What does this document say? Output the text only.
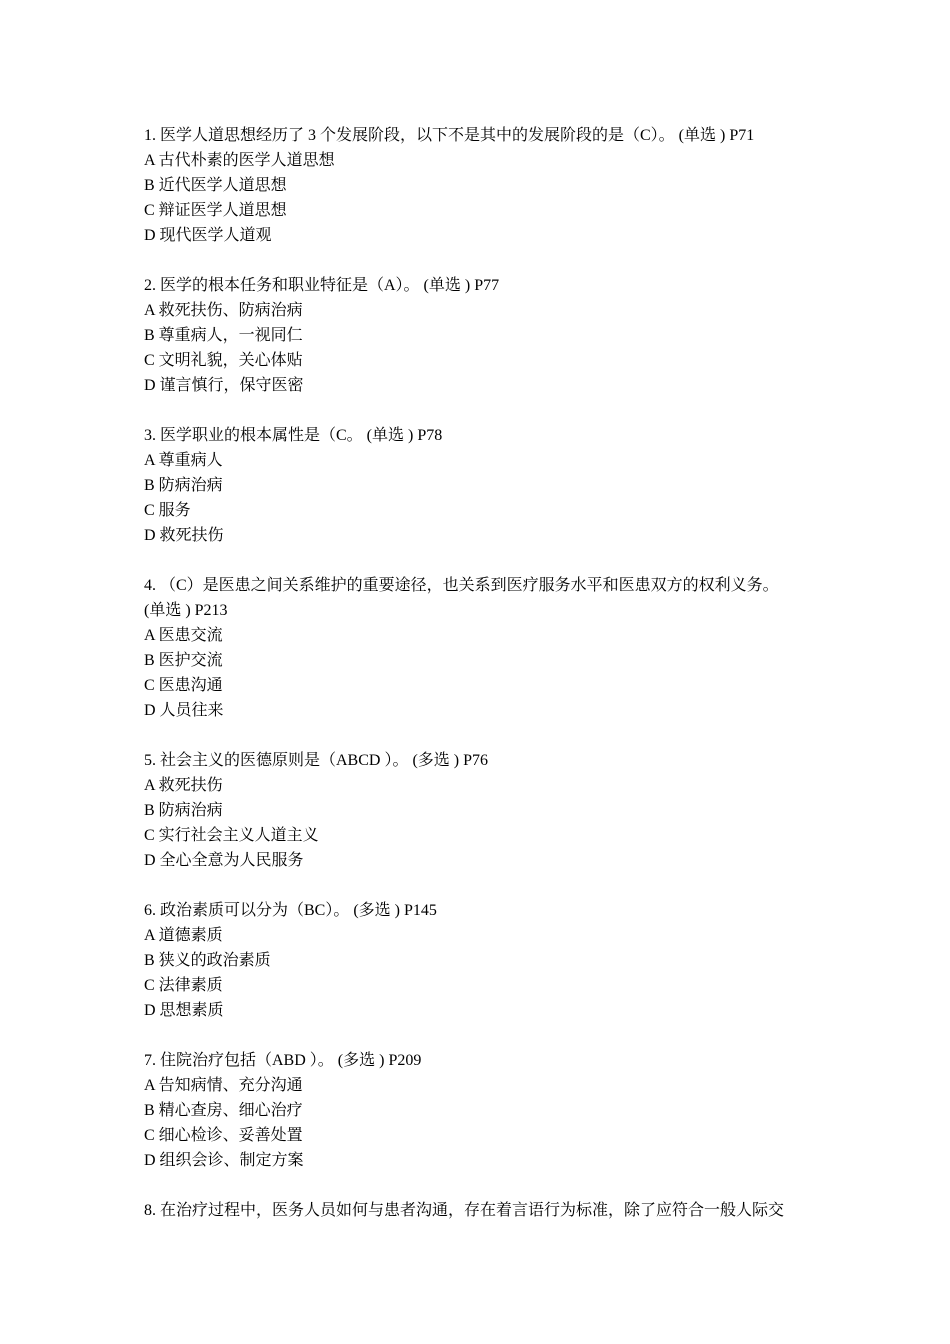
1. 医学人道思想经历了 3 个发展阶段，以下不是其中的发展阶段的是（C）。 (单选 ) P71
A 古代朴素的医学人道思想
B 近代医学人道思想
C 辩证医学人道思想
D 现代医学人道观
2. 医学的根本任务和职业特征是（A）。 (单选 ) P77
A 救死扶伤、防病治病
B 尊重病人，一视同仁
C 文明礼貌，关心体贴
D 谨言慎行，保守医密
3. 医学职业的根本属性是（C。 (单选 ) P78
A 尊重病人
B 防病治病
C 服务
D 救死扶伤
4. （C）是医患之间关系维护的重要途径，也关系到医疗服务水平和医患双方的权利义务。
(单选 ) P213
A 医患交流
B 医护交流
C 医患沟通
D 人员往来
5. 社会主义的医德原则是（ABCD ）。 (多选 ) P76
A 救死扶伤
B 防病治病
C 实行社会主义人道主义
D 全心全意为人民服务
6. 政治素质可以分为（BC）。 (多选 ) P145
A 道德素质
B 狭义的政治素质
C 法律素质
D 思想素质
7. 住院治疗包括（ABD ）。 (多选 ) P209
A 告知病情、充分沟通
B 精心查房、细心治疗
C 细心检诊、妥善处置
D 组织会诊、制定方案
8. 在治疗过程中，医务人员如何与患者沟通，存在着言语行为标准，除了应符合一般人际交
